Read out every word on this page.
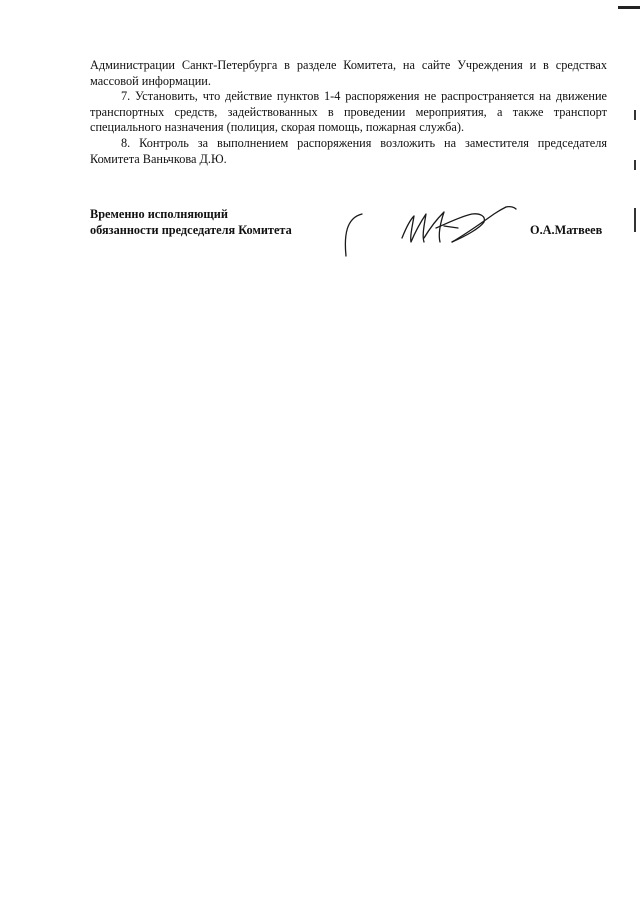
Администрации Санкт-Петербурга в разделе Комитета, на сайте Учреждения и в средствах массовой информации.

7. Установить, что действие пунктов 1-4 распоряжения не распространяется на движение транспортных средств, задействованных в проведении мероприятия, а также транспорт специального назначения (полиция, скорая помощь, пожарная служба).

8. Контроль за выполнением распоряжения возложить на заместителя председателя Комитета Ваньчкова Д.Ю.

Временно исполняющий
обязанности председателя Комитета	О.А.Матвеев
